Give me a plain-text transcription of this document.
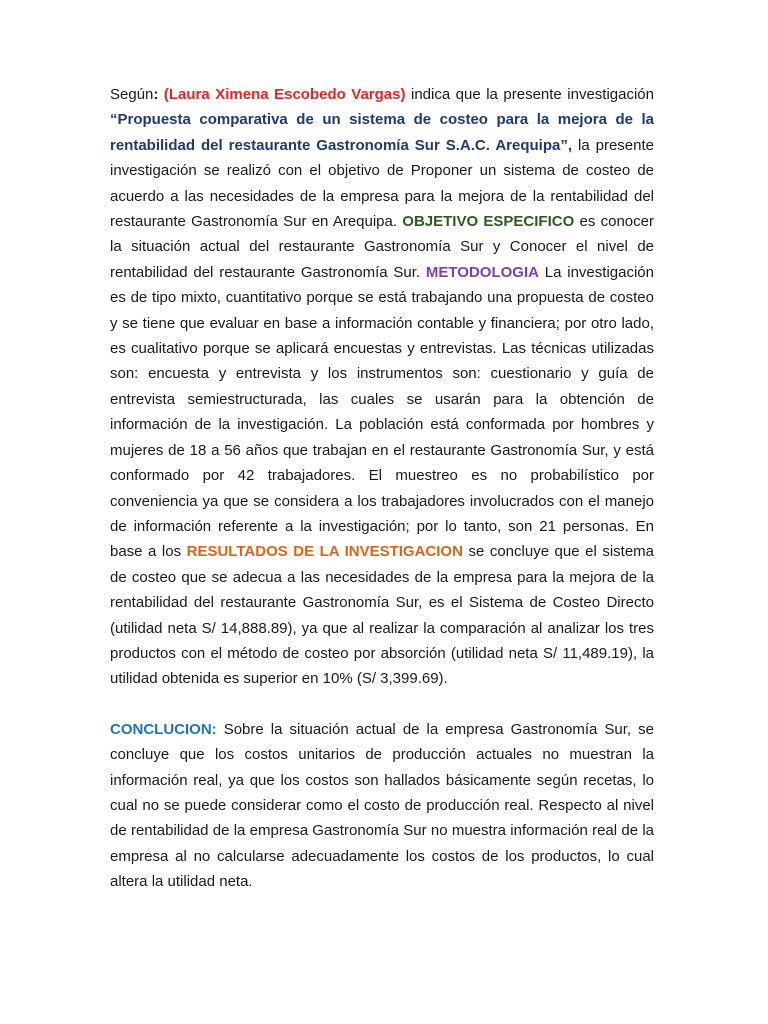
Según: (Laura Ximena Escobedo Vargas) indica que la presente investigación “Propuesta comparativa de un sistema de costeo para la mejora de la rentabilidad del restaurante Gastronomía Sur S.A.C. Arequipa”, la presente investigación se realizó con el objetivo de Proponer un sistema de costeo de acuerdo a las necesidades de la empresa para la mejora de la rentabilidad del restaurante Gastronomía Sur en Arequipa. OBJETIVO ESPECIFICO es conocer la situación actual del restaurante Gastronomía Sur y Conocer el nivel de rentabilidad del restaurante Gastronomía Sur. METODOLOGIA La investigación es de tipo mixto, cuantitativo porque se está trabajando una propuesta de costeo y se tiene que evaluar en base a información contable y financiera; por otro lado, es cualitativo porque se aplicará encuestas y entrevistas. Las técnicas utilizadas son: encuesta y entrevista y los instrumentos son: cuestionario y guía de entrevista semiestructurada, las cuales se usarán para la obtención de información de la investigación. La población está conformada por hombres y mujeres de 18 a 56 años que trabajan en el restaurante Gastronomía Sur, y está conformado por 42 trabajadores. El muestreo es no probabilístico por conveniencia ya que se considera a los trabajadores involucrados con el manejo de información referente a la investigación; por lo tanto, son 21 personas. En base a los RESULTADOS DE LA INVESTIGACION se concluye que el sistema de costeo que se adecua a las necesidades de la empresa para la mejora de la rentabilidad del restaurante Gastronomía Sur, es el Sistema de Costeo Directo (utilidad neta S/ 14,888.89), ya que al realizar la comparación al analizar los tres productos con el método de costeo por absorción (utilidad neta S/ 11,489.19), la utilidad obtenida es superior en 10% (S/ 3,399.69).

CONCLUCION: Sobre la situación actual de la empresa Gastronomía Sur, se concluye que los costos unitarios de producción actuales no muestran la información real, ya que los costos son hallados básicamente según recetas, lo cual no se puede considerar como el costo de producción real. Respecto al nivel de rentabilidad de la empresa Gastronomía Sur no muestra información real de la empresa al no calcularse adecuadamente los costos de los productos, lo cual altera la utilidad neta.
